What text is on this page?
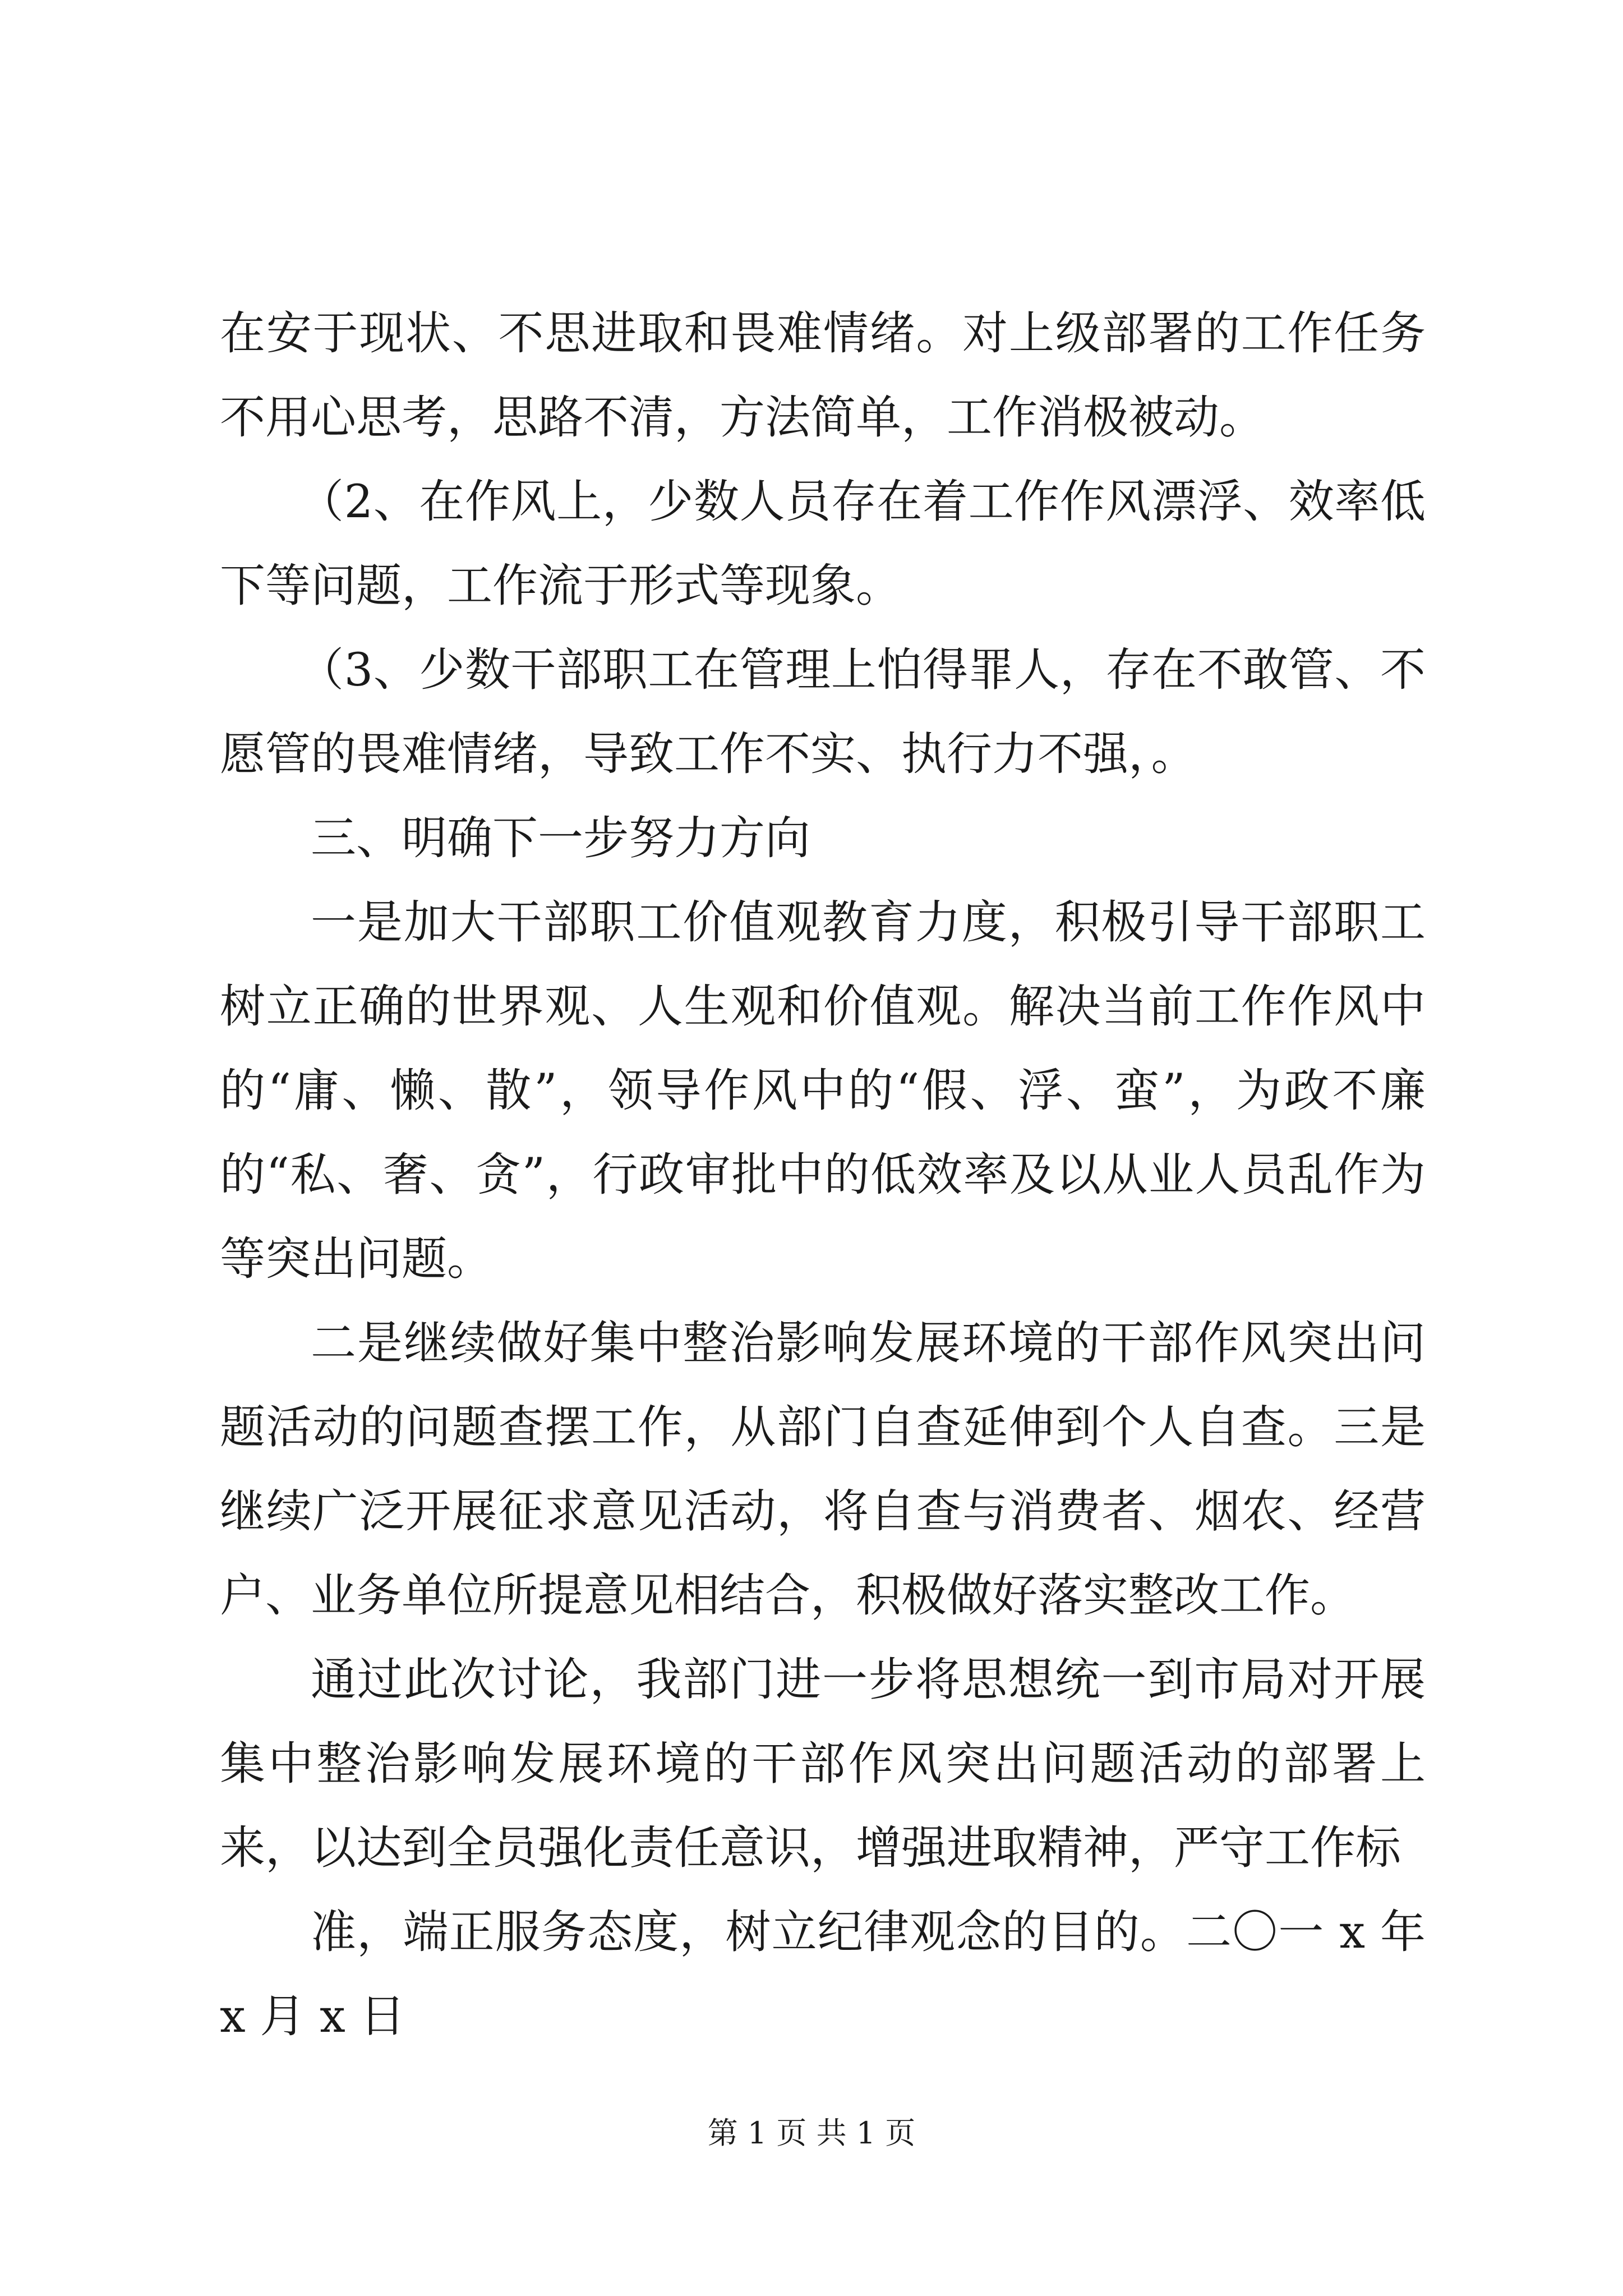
在安于现状、不思进取和畏难情绪。对上级部署的工作任务不用心思考，思路不清，方法简单，工作消极被动。

（2、在作风上，少数人员存在着工作作风漂浮、效率低下等问题，工作流于形式等现象。

（3、少数干部职工在管理上怕得罪人，存在不敢管、不愿管的畏难情绪，导致工作不实、执行力不强，。

三、明确下一步努力方向

一是加大干部职工价值观教育力度，积极引导干部职工树立正确的世界观、人生观和价值观。解决当前工作作风中的“庸、懒、散”，领导作风中的“假、浮、蛮”，为政不廉的“私、奢、贪”，行政审批中的低效率及以从业人员乱作为等突出问题。

二是继续做好集中整治影响发展环境的干部作风突出问题活动的问题查摆工作，从部门自查延伸到个人自查。三是继续广泛开展征求意见活动，将自查与消费者、烟农、经营户、业务单位所提意见相结合，积极做好落实整改工作。

通过此次讨论，我部门进一步将思想统一到市局对开展集中整治影响发展环境的干部作风突出问题活动的部署上来，以达到全员强化责任意识，增强进取精神，严守工作标

准，端正服务态度，树立纪律观念的目的。二〇一 x 年 x 月 x 日

第 1 页 共 1 页
